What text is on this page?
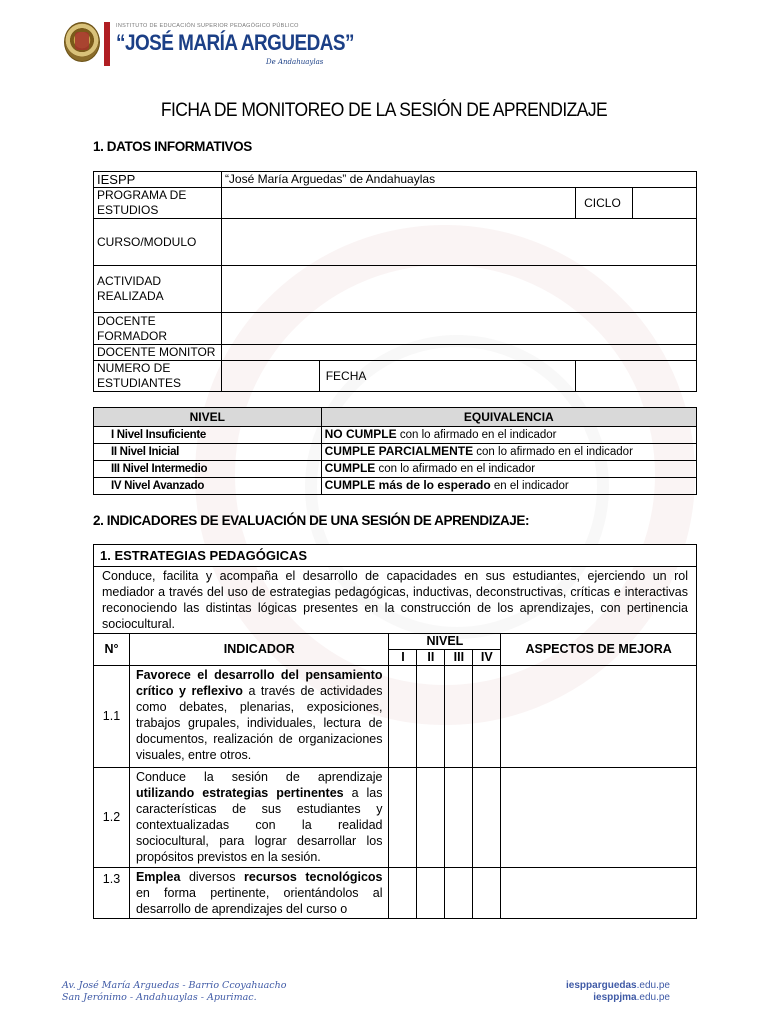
INSTITUTO DE EDUCACIÓN SUPERIOR PEDAGÓGICO PÚBLICO
“JOSÉ MARÍA ARGUEDAS”
De Andahuaylas
FICHA DE MONITOREO DE LA SESIÓN DE APRENDIZAJE
1. DATOS INFORMATIVOS
IESPP	“José María Arguedas” de Andahuaylas			
PROGRAMA DE ESTUDIOS			CICLO	
CURSO/MODULO				
ACTIVIDAD REALIZADA				
DOCENTE FORMADOR				
DOCENTE MONITOR				
NUMERO DE ESTUDIANTES		FECHA		
NIVEL	EQUIVALENCIA
I Nivel Insuficiente	NO CUMPLE con lo afirmado en el indicador
II Nivel Inicial	CUMPLE PARCIALMENTE con lo afirmado en el indicador
III Nivel Intermedio	CUMPLE con lo afirmado en el indicador
IV Nivel Avanzado	CUMPLE más de lo esperado en el indicador
2. INDICADORES DE EVALUACIÓN DE UNA SESIÓN DE APRENDIZAJE:
1. ESTRATEGIAS PEDAGÓGICAS						
Conduce, facilita y acompaña el desarrollo de capacidades en sus estudiantes, ejerciendo un rol mediador a través del uso de estrategias pedagógicas, inductivas, deconstructivas, críticas e interactivas reconociendo las distintas lógicas presentes en la construcción de los aprendizajes, con pertinencia sociocultural.						
N°	INDICADOR	NIVEL				ASPECTOS DE MEJORA
		I	II	III	IV	
1.1	Favorece el desarrollo del pensamiento crítico y reflexivo a través de actividades como debates, plenarias, exposiciones, trabajos grupales, individuales, lectura de documentos, realización de organizaciones visuales, entre otros.					
1.2	Conduce la sesión de aprendizaje utilizando estrategias pertinentes a las características de sus estudiantes y contextualizadas con la realidad sociocultural, para lograr desarrollar los propósitos previstos en la sesión.					
1.3	Emplea diversos recursos tecnológicos en forma pertinente, orientándolos al desarrollo de aprendizajes del curso o					
Av. José María Arguedas - Barrio Ccoyahuacho
San Jerónimo - Andahuaylas - Apurimac.
iespparguedas.edu.pe
iesppjma.edu.pe
